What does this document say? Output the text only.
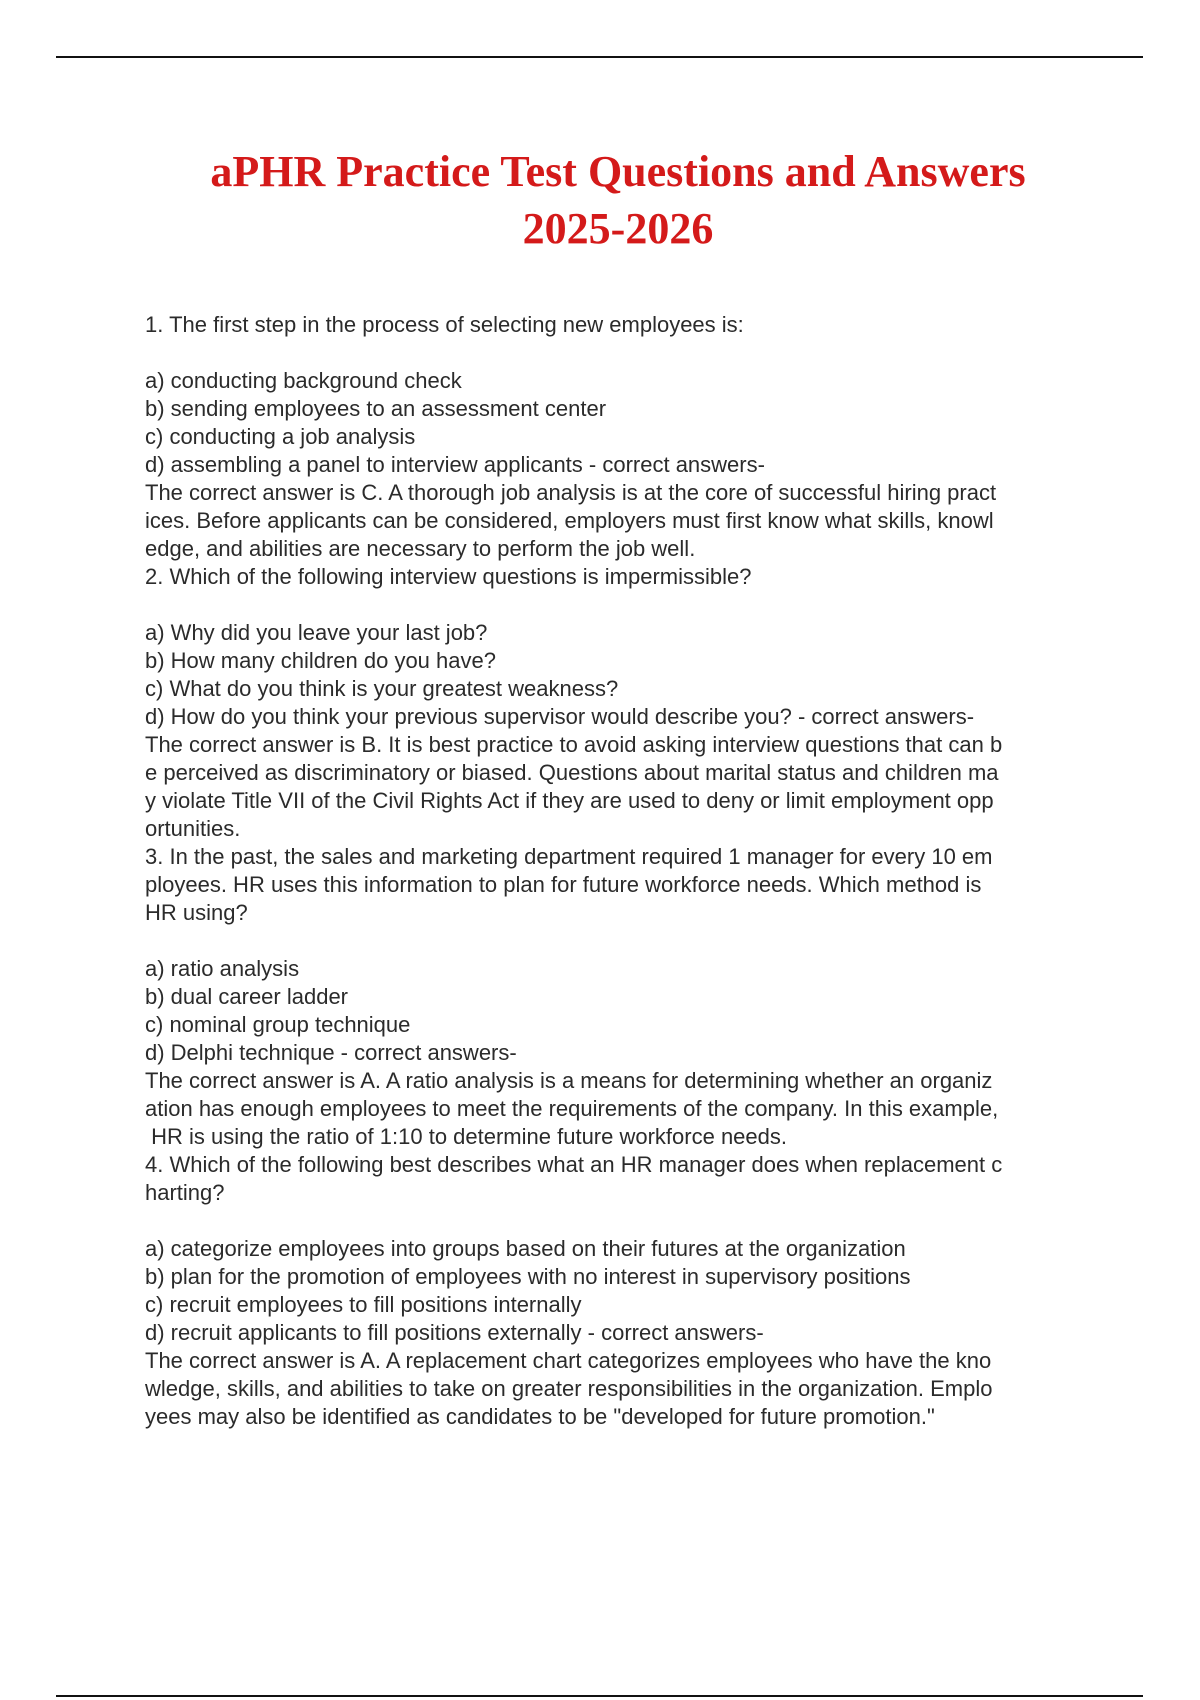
aPHR Practice Test Questions and Answers
2025-2026
1. The first step in the process of selecting new employees is:
a) conducting background check
b) sending employees to an assessment center
c) conducting a job analysis
d) assembling a panel to interview applicants - correct answers-
The correct answer is C. A thorough job analysis is at the core of successful hiring pract
ices. Before applicants can be considered, employers must first know what skills, knowl
edge, and abilities are necessary to perform the job well.
2. Which of the following interview questions is impermissible?
a) Why did you leave your last job?
b) How many children do you have?
c) What do you think is your greatest weakness?
d) How do you think your previous supervisor would describe you? - correct answers-
The correct answer is B. It is best practice to avoid asking interview questions that can b
e perceived as discriminatory or biased. Questions about marital status and children ma
y violate Title VII of the Civil Rights Act if they are used to deny or limit employment opp
ortunities.
3. In the past, the sales and marketing department required 1 manager for every 10 em
ployees. HR uses this information to plan for future workforce needs. Which method is
HR using?
a) ratio analysis
b) dual career ladder
c) nominal group technique
d) Delphi technique - correct answers-
The correct answer is A. A ratio analysis is a means for determining whether an organiz
ation has enough employees to meet the requirements of the company. In this example,
HR is using the ratio of 1:10 to determine future workforce needs.
4. Which of the following best describes what an HR manager does when replacement c
harting?
a) categorize employees into groups based on their futures at the organization
b) plan for the promotion of employees with no interest in supervisory positions
c) recruit employees to fill positions internally
d) recruit applicants to fill positions externally - correct answers-
The correct answer is A. A replacement chart categorizes employees who have the kno
wledge, skills, and abilities to take on greater responsibilities in the organization. Emplo
yees may also be identified as candidates to be "developed for future promotion."
